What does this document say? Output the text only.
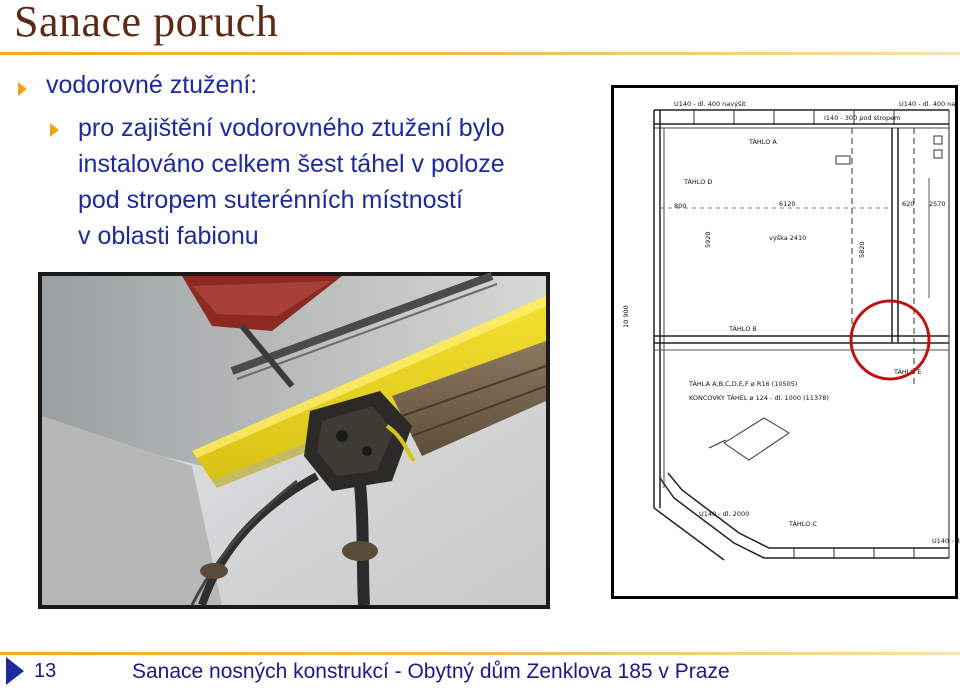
Sanace poruch
vodorovné ztužení:

pro zajištění vodorovného ztužení bylo
instalováno celkem šest táhel v poloze
pod stropem suterénních místností
v oblasti fabionu

U140 - dl. 400 navýšit	U140 - dl. 400 na
I140 - 300 pod stropem
TÁHLO A
TÁHLO D
800	6120	620 2570
výška 2410
TÁHLO B
TÁHLO E
TÁHLA A,B,C,D,E,F ø R16 (10505)
KONCOVKY TÁHEL ø 124 - dl. 1000 (11378)
U140 - dl. 2000
TÁHLO C
U140 - d
5920
5820
10 900
13	Sanace nosných konstrukcí - Obytný dům Zenklova 185 v Praze
